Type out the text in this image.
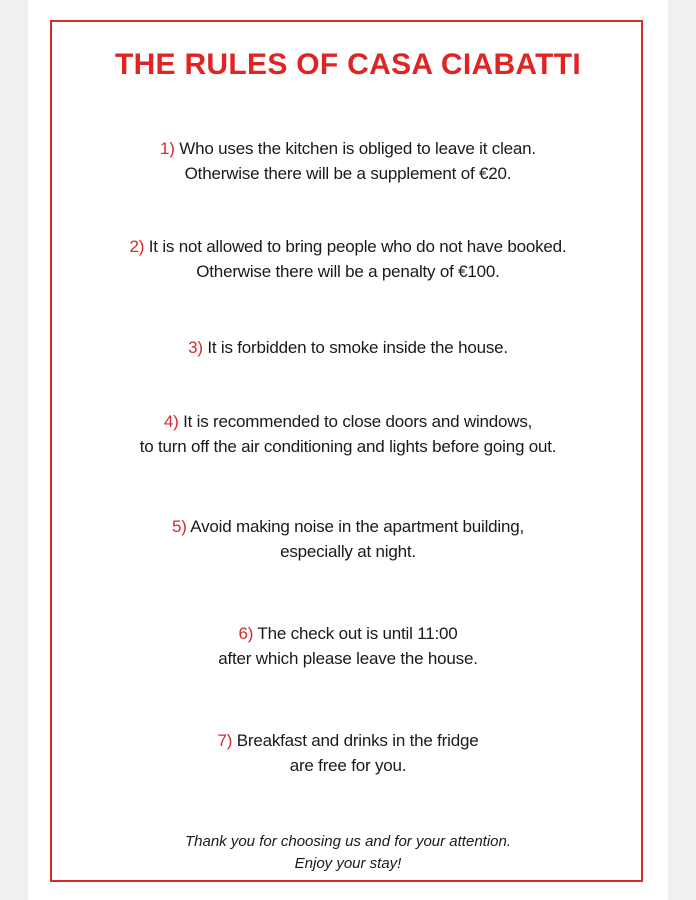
THE RULES OF CASA CIABATTI
1) Who uses the kitchen is obliged to leave it clean.
Otherwise there will be a supplement of €20.
2) It is not allowed to bring people who do not have booked.
Otherwise there will be a penalty of €100.
3) It is forbidden to smoke inside the house.
4) It is recommended to close doors and windows,
to turn off the air conditioning and lights before going out.
5) Avoid making noise in the apartment building,
especially at night.
6) The check out is until 11:00
after which please leave the house.
7) Breakfast and drinks in the fridge
are free for you.
Thank you for choosing us and for your attention.
Enjoy your stay!
